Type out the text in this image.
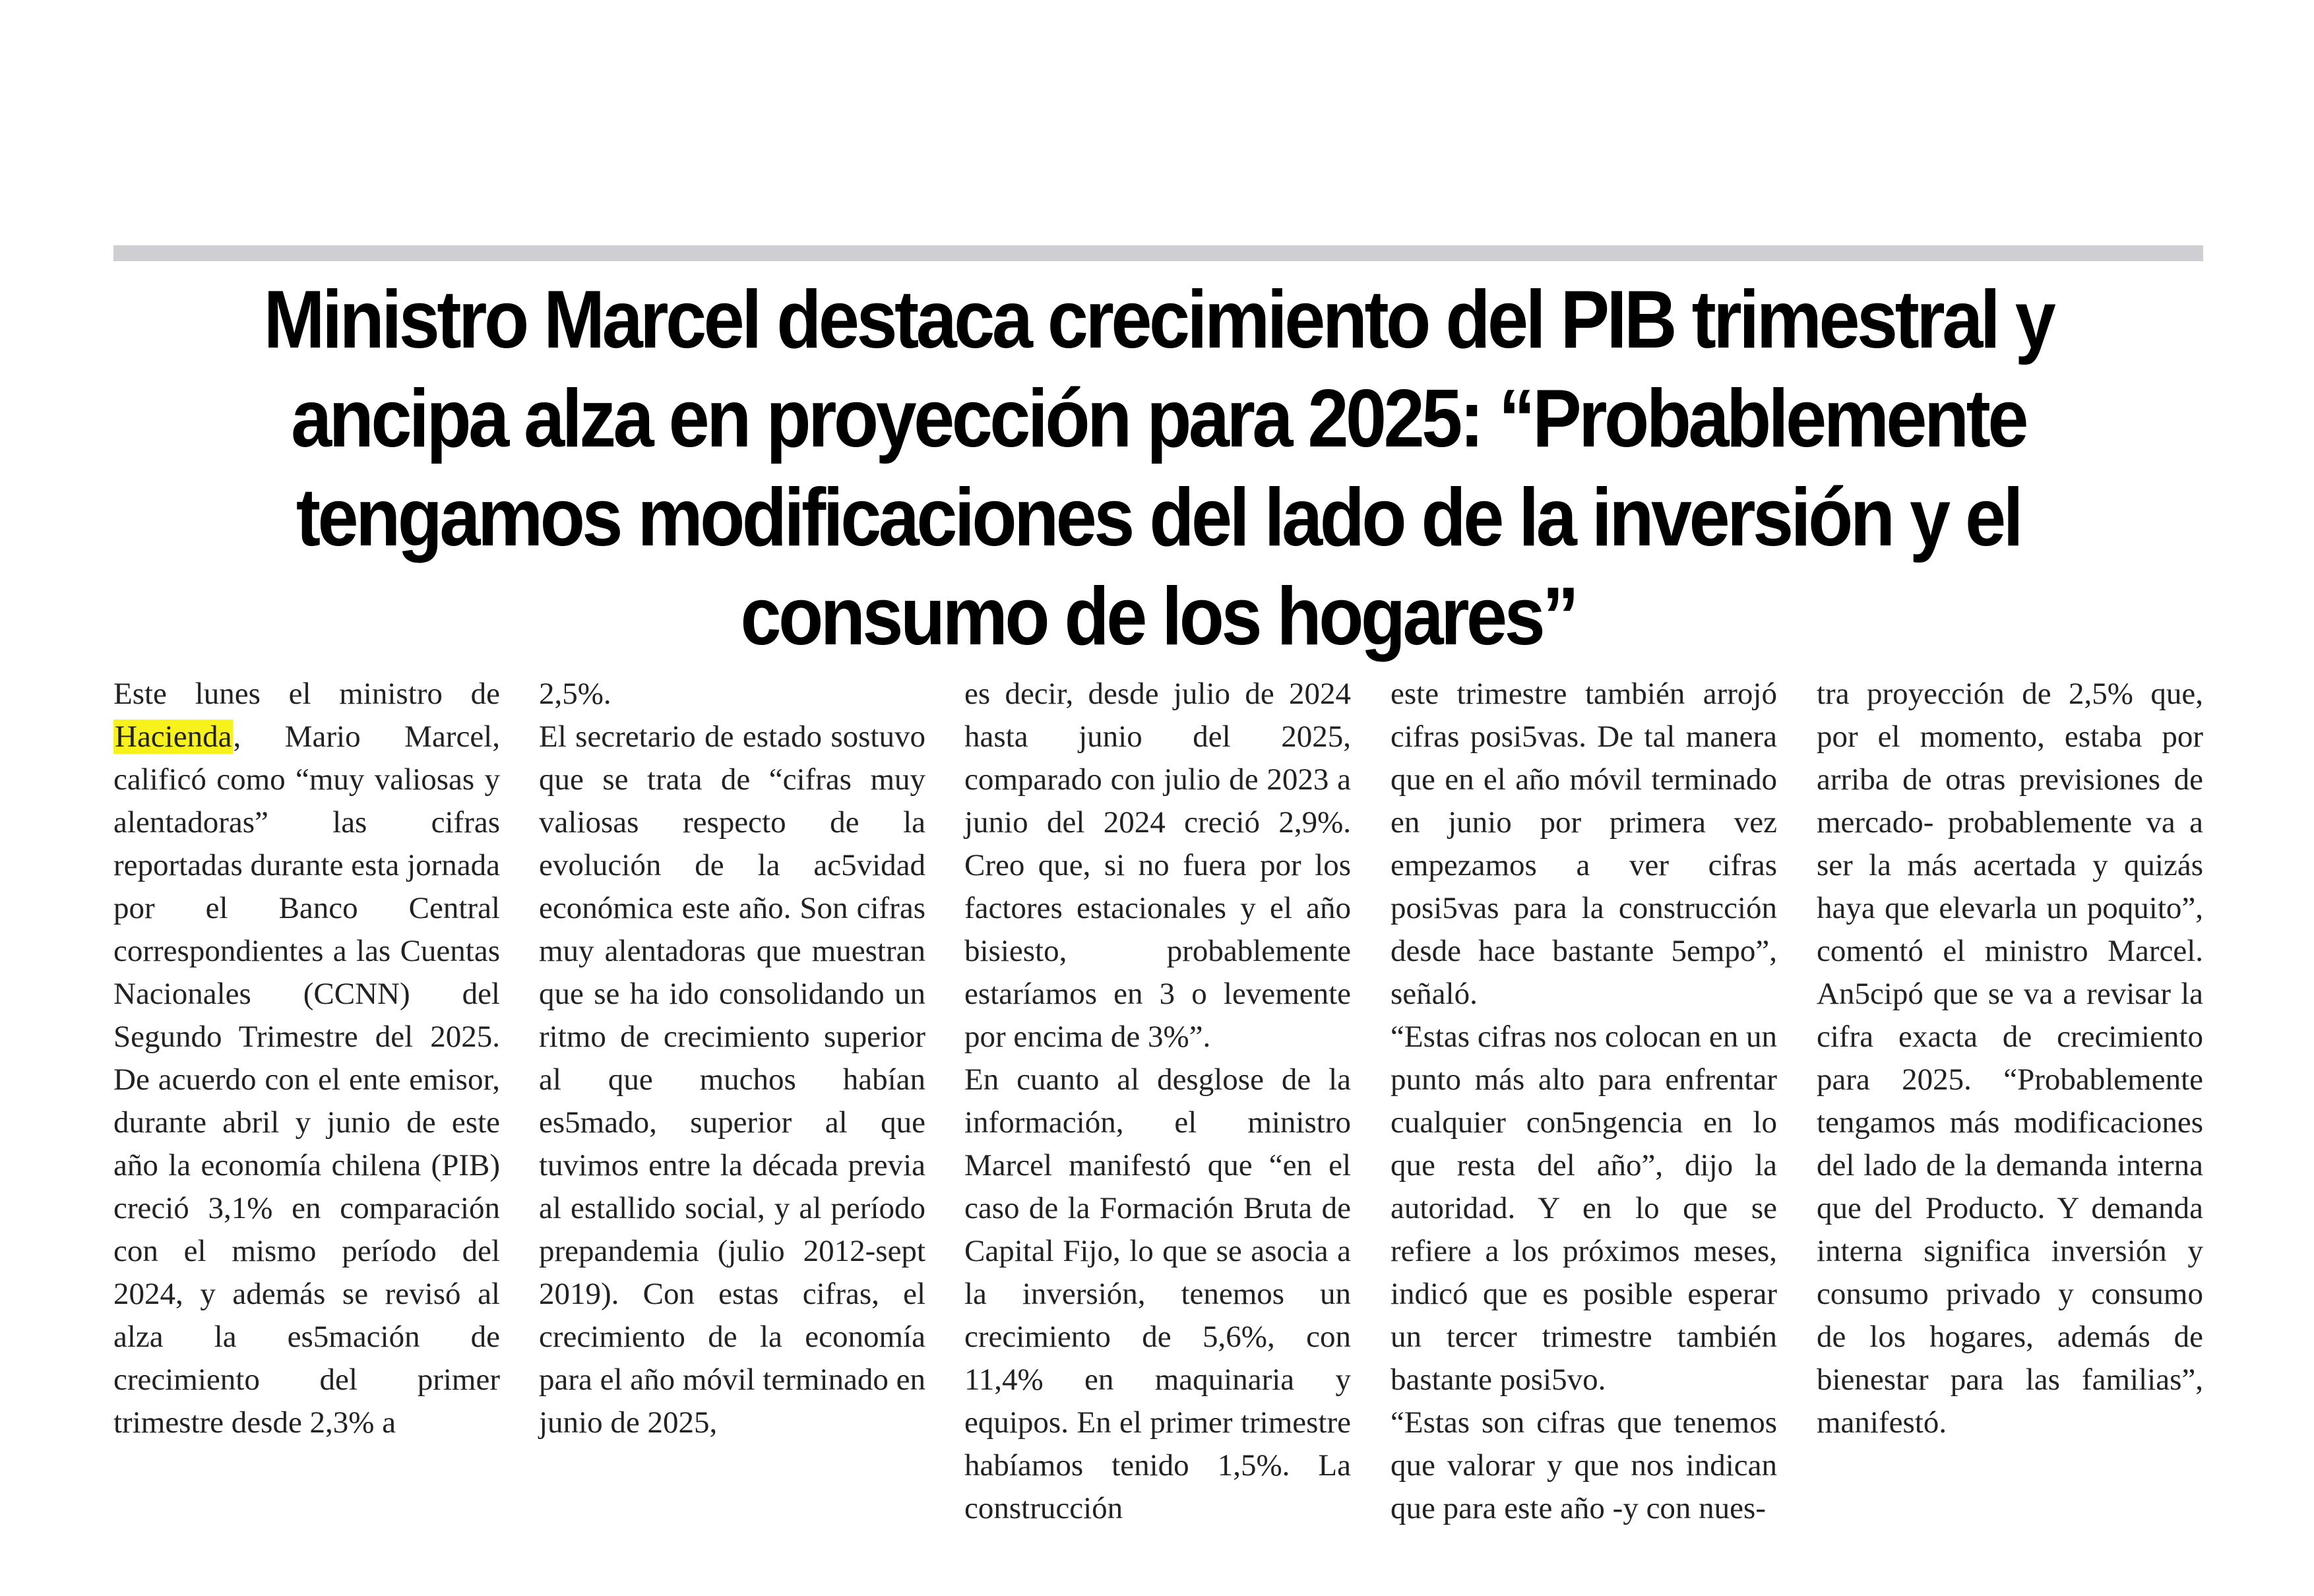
Ministro Marcel destaca crecimiento del PIB trimestral y ancipa alza en proyección para 2025: “Probablemente tengamos modificaciones del lado de la inversión y el consumo de los hogares”

Este lunes el ministro de Hacienda, Mario Marcel, calificó como “muy valiosas y alentadoras” las cifras reportadas durante esta jornada por el Banco Central correspondientes a las Cuentas Nacionales (CCNN) del Segundo Trimestre del 2025. De acuerdo con el ente emisor, durante abril y junio de este año la economía chilena (PIB) creció 3,1% en comparación con el mismo período del 2024, y además se revisó al alza la es5mación de crecimiento del primer trimestre desde 2,3% a

2,5%.

El secretario de estado sostuvo que se trata de “cifras muy valiosas respecto de la evolución de la ac5vidad económica este año. Son cifras muy alentadoras que muestran que se ha ido consolidando un ritmo de crecimiento superior al que muchos habían es5mado, superior al que tuvimos entre la década previa al estallido social, y al período prepandemia (julio 2012-sept 2019). Con estas cifras, el crecimiento de la economía para el año móvil terminado en junio de 2025,

es decir, desde julio de 2024 hasta junio del 2025, comparado con julio de 2023 a junio del 2024 creció 2,9%. Creo que, si no fuera por los factores estacionales y el año bisiesto, probablemente estaríamos en 3 o levemente por encima de 3%”.

En cuanto al desglose de la información, el ministro Marcel manifestó que “en el caso de la Formación Bruta de Capital Fijo, lo que se asocia a la inversión, tenemos un crecimiento de 5,6%, con 11,4% en maquinaria y equipos. En el primer trimestre habíamos tenido 1,5%. La construcción

este trimestre también arrojó cifras posi5vas. De tal manera que en el año móvil terminado en junio por primera vez empezamos a ver cifras posi5vas para la construcción desde hace bastante 5empo”, señaló.

“Estas cifras nos colocan en un punto más alto para enfrentar cualquier con5ngencia en lo que resta del año”, dijo la autoridad. Y en lo que se refiere a los próximos meses, indicó que es posible esperar un tercer trimestre también bastante posi5vo.

“Estas son cifras que tenemos que valorar y que nos indican que para este año -y con nues-

tra proyección de 2,5% que, por el momento, estaba por arriba de otras previsiones de mercado- probablemente va a ser la más acertada y quizás haya que elevarla un poquito”, comentó el ministro Marcel. An5cipó que se va a revisar la cifra exacta de crecimiento para 2025. “Probablemente tengamos más modificaciones del lado de la demanda interna que del Producto. Y demanda interna significa inversión y consumo privado y consumo de los hogares, además de bienestar para las familias”, manifestó.
